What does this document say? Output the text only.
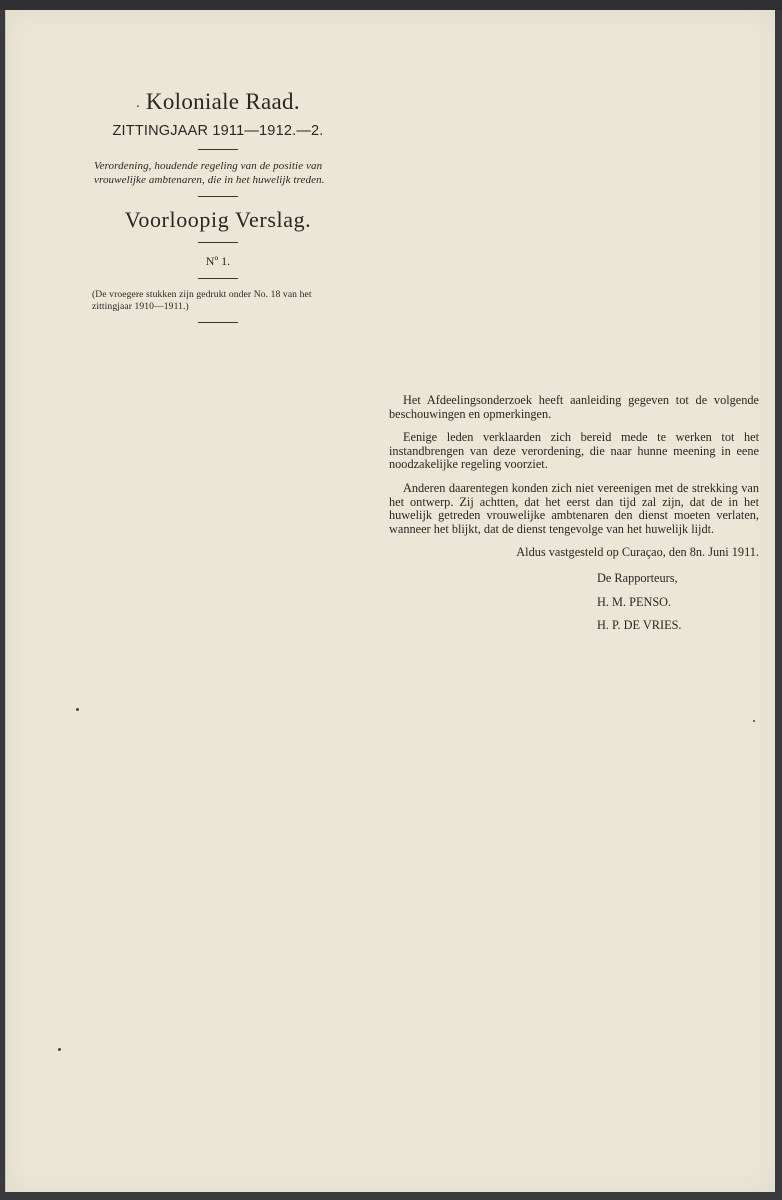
. Koloniale Raad.
ZITTINGJAAR 1911—1912.—2.
Verordening, houdende regeling van de positie van vrouwelijke ambtenaren, die in het huwelijk treden.
Voorloopig Verslag.
Nº 1.
(De vroegere stukken zijn gedrukt onder No. 18 van het zittingjaar 1910—1911.)

Het Afdeelingsonderzoek heeft aanleiding gegeven tot de volgende beschouwingen en opmerkingen.

Eenige leden verklaarden zich bereid mede te werken tot het instandbrengen van deze verordening, die naar hunne meening in eene noodzakelijke regeling voorziet.

Anderen daarentegen konden zich niet vereenigen met de strekking van het ontwerp. Zij achtten, dat het eerst dan tijd zal zijn, dat de in het huwelijk getreden vrouwelijke ambtenaren den dienst moeten verlaten, wanneer het blijkt, dat de dienst tengevolge van het huwelijk lijdt.

Aldus vastgesteld op Curaçao, den 8n. Juni 1911.
De Rapporteurs,
H. M. PENSO.
H. P. DE VRIES.
